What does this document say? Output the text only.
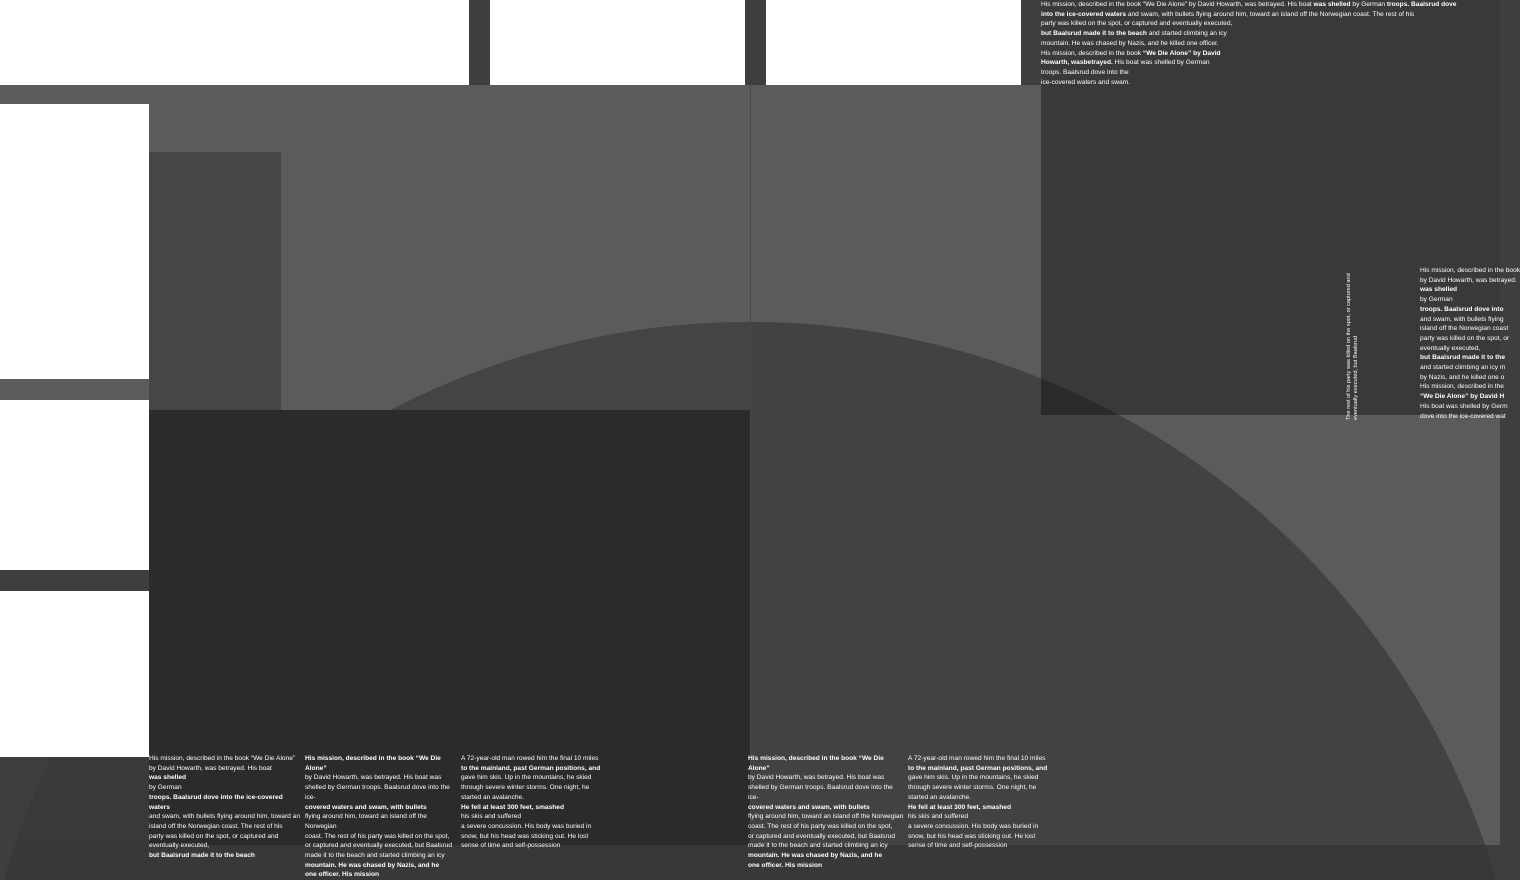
His mission, described in the book “We Die Alone” by David Howarth, was betrayed. His boat was shelled by German troops. Baalsrud dove

into the ice-covered waters and swam, with bullets flying around him, toward an island off the Norwegian coast. The rest of his

party was killed on the spot, or captured and eventually executed,

but Baalsrud made it to the beach and started climbing an icy

mountain. He was chased by Nazis, and he killed one officer.

His mission, described in the book “We Die Alone” by David

Howarth, wasbetrayed. His boat was shelled by German

troops. Baalsrud dove into the

ice-covered waters and swam.

His mission, described in the book

by David Howarth, was betrayed.

was shelled

by German

troops. Baalsrud dove into

and swam, with bullets flying

island off the Norwegian coast

party was killed on the spot, or

eventually executed,

but Baalsrud made it to the

and started climbing an icy m

by Nazis, and he killed one o

His mission, described in the

“We Die Alone” by David H

His boat was shelled by Germ

dove into the ice-covered wat

The rest of his party was killed on the spot, or captured and eventually executed, but Baalsrud

His mission, described in the book “We Die Alone”

by David Howarth, was betrayed. His boat

was shelled

by German

troops. Baalsrud dove into the ice-covered waters

and swam, with bullets flying around him, toward an

island off the Norwegian coast. The rest of his

party was killed on the spot, or captured and

eventually executed,

but Baalsrud made it to the beach

His mission, described in the book “We Die Alone”

by David Howarth, was betrayed. His boat was

shelled by German troops. Baalsrud dove into the ice-

covered waters and swam, with bullets

flying around him, toward an island off the Norwegian

coast. The rest of his party was killed on the spot,

or captured and eventually executed, but Baalsrud

made it to the beach and started climbing an icy

mountain. He was chased by Nazis, and he

one officer. His mission

A 72-year-old man rowed him the final 10 miles

to the mainland, past German positions, and

gave him skis. Up in the mountains, he skied

through severe winter storms. One night, he

started an avalanche.

He fell at least 300 feet, smashed

his skis and suffered

a severe concussion. His body was buried in

snow, but his head was sticking out. He lost

sense of time and self-possession

His mission, described in the book “We Die Alone”

by David Howarth, was betrayed. His boat was

shelled by German troops. Baalsrud dove into the ice-

covered waters and swam, with bullets

flying around him, toward an island off the Norwegian

coast. The rest of his party was killed on the spot,

or captured and eventually executed, but Baalsrud

made it to the beach and started climbing an icy

mountain. He was chased by Nazis, and he

one officer. His mission

A 72-year-old man rowed him the final 10 miles

to the mainland, past German positions, and

gave him skis. Up in the mountains, he skied

through severe winter storms. One night, he

started an avalanche.

He fell at least 300 feet, smashed

his skis and suffered

a severe concussion. His body was buried in

snow, but his head was sticking out. He lost

sense of time and self-possession
